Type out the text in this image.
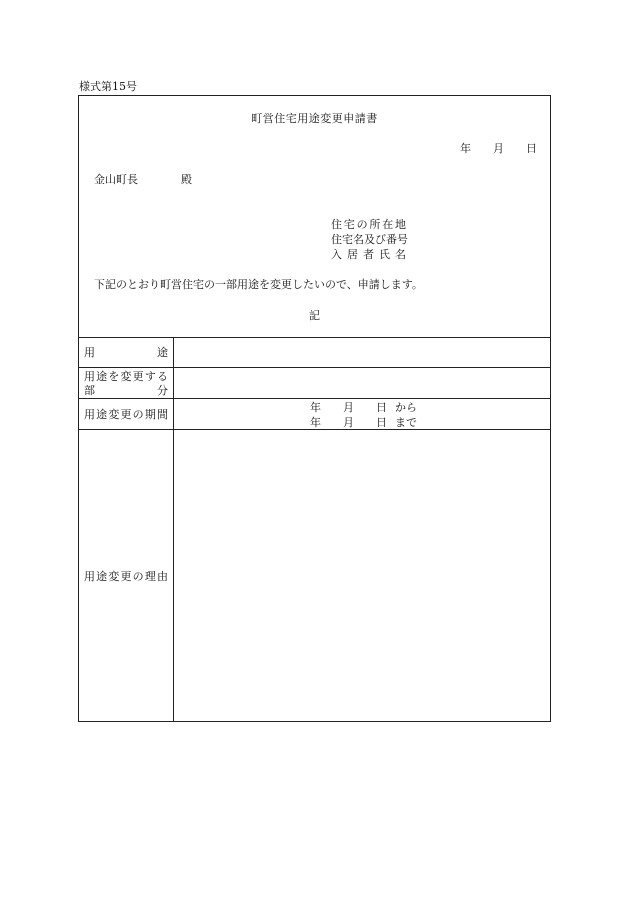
様式第15号
町営住宅用途変更申請書
年 月 日
金山町長	殿
住宅の所在地
住宅名及び番号
入居者氏名
下記のとおり町営住宅の一部用途を変更したいので、申請します。
記
用途
用途を変更する
部分
用途変更の期間
用途変更の理由
年 月 日 から
年 月 日 まで
